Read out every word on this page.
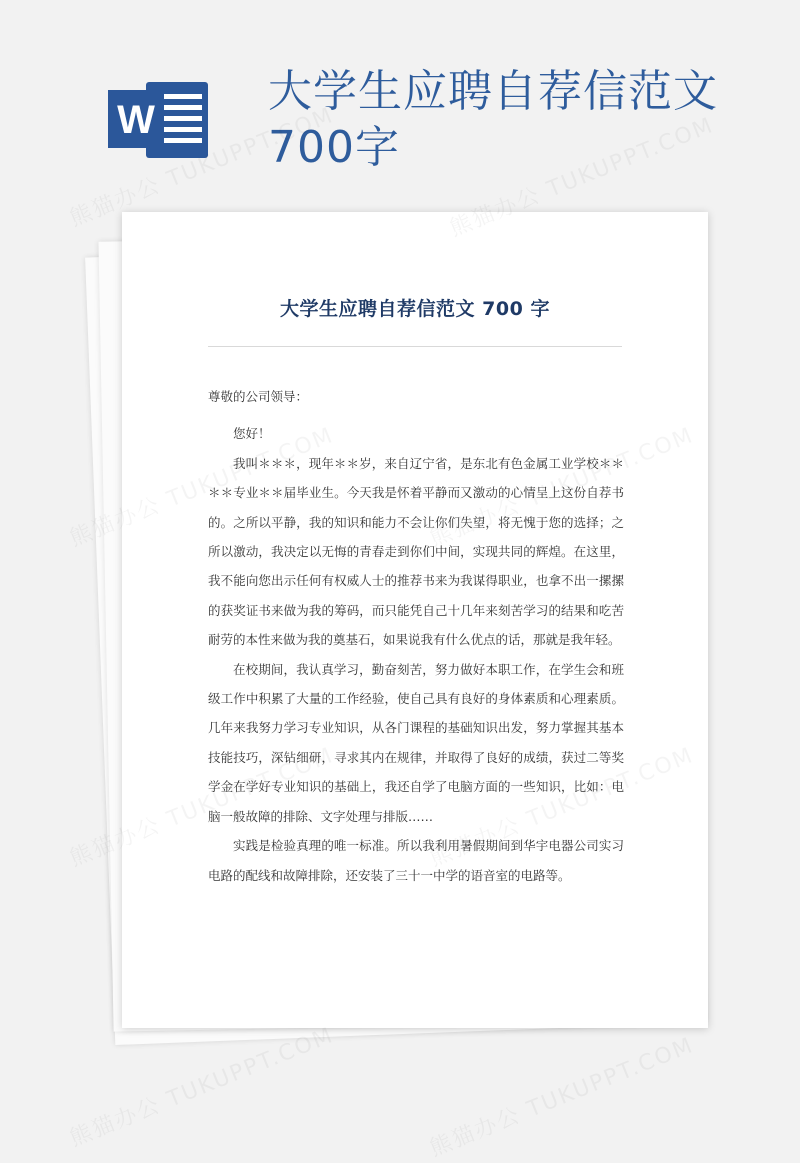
W
大学生应聘自荐信范文
700字
大学生应聘自荐信范文 700 字

尊敬的公司领导：

您好！

我叫＊＊＊，现年＊＊岁，来自辽宁省，是东北有色金属工业学校＊＊＊＊专业＊＊届毕业生。今天我是怀着平静而又激动的心情呈上这份自荐书的。之所以平静，我的知识和能力不会让你们失望，将无愧于您的选择；之所以激动，我决定以无悔的青春走到你们中间，实现共同的辉煌。在这里，我不能向您出示任何有权威人士的推荐书来为我谋得职业，也拿不出一摞摞的获奖证书来做为我的筹码，而只能凭自己十几年来刻苦学习的结果和吃苦耐劳的本性来做为我的奠基石，如果说我有什么优点的话，那就是我年轻。

在校期间，我认真学习，勤奋刻苦，努力做好本职工作，在学生会和班级工作中积累了大量的工作经验，使自己具有良好的身体素质和心理素质。几年来我努力学习专业知识，从各门课程的基础知识出发，努力掌握其基本技能技巧，深钻细研，寻求其内在规律，并取得了良好的成绩，获过二等奖学金在学好专业知识的基础上，我还自学了电脑方面的一些知识，比如：电脑一般故障的排除、文字处理与排版……

实践是检验真理的唯一标准。所以我利用暑假期间到华宇电器公司实习电路的配线和故障排除，还安装了三十一中学的语音室的电路等。
